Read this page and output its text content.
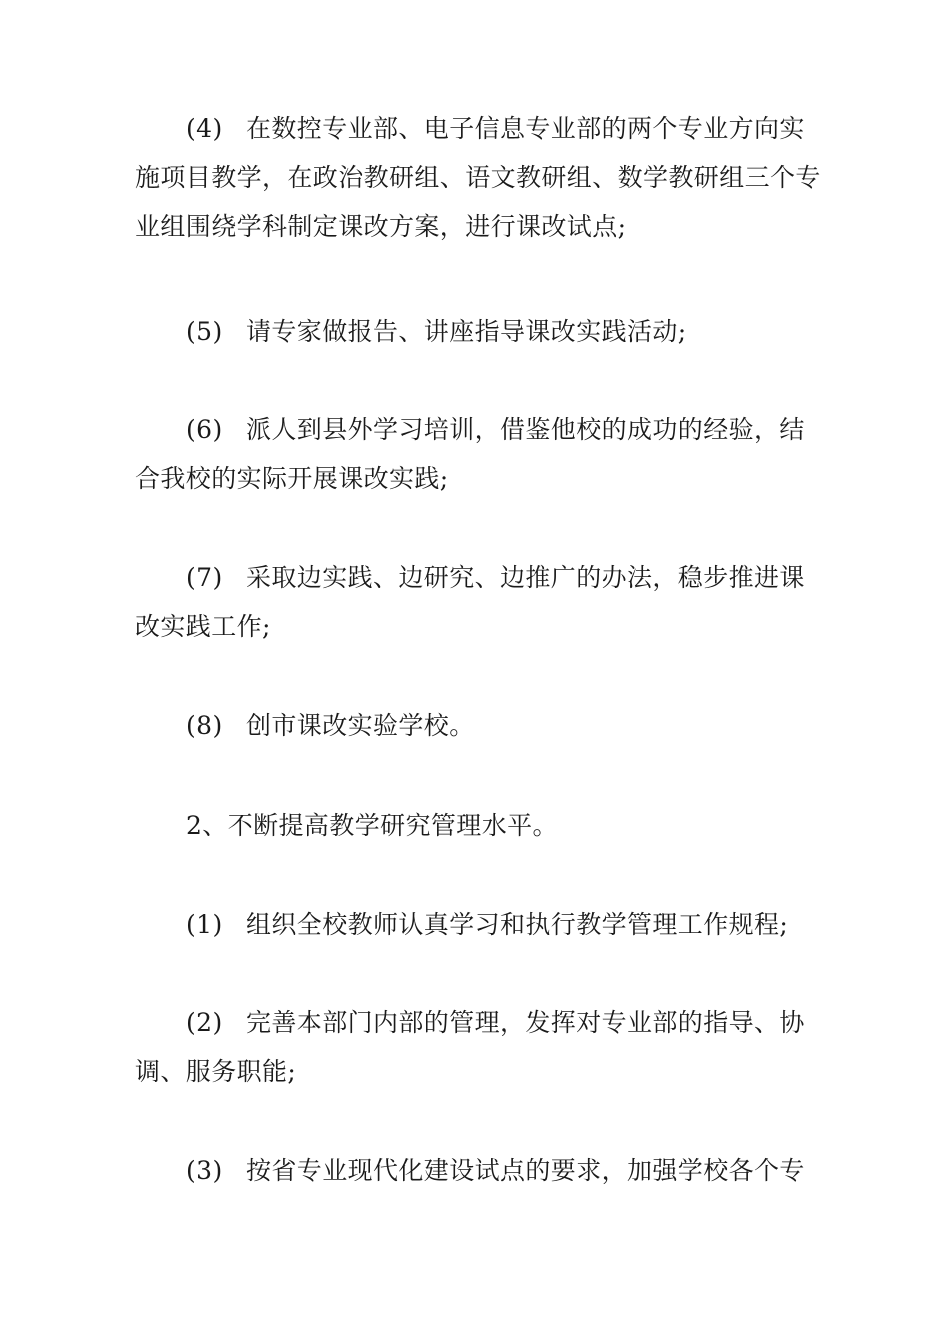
(4) 在数控专业部、电子信息专业部的两个专业方向实
施项目教学，在政治教研组、语文教研组、数学教研组三个专
业组围绕学科制定课改方案，进行课改试点;
(5) 请专家做报告、讲座指导课改实践活动;
(6) 派人到县外学习培训，借鉴他校的成功的经验，结
合我校的实际开展课改实践;
(7) 采取边实践、边研究、边推广的办法，稳步推进课
改实践工作;
(8) 创市课改实验学校。
2、不断提高教学研究管理水平。
(1) 组织全校教师认真学习和执行教学管理工作规程;
(2) 完善本部门内部的管理，发挥对专业部的指导、协
调、服务职能;
(3) 按省专业现代化建设试点的要求，加强学校各个专
